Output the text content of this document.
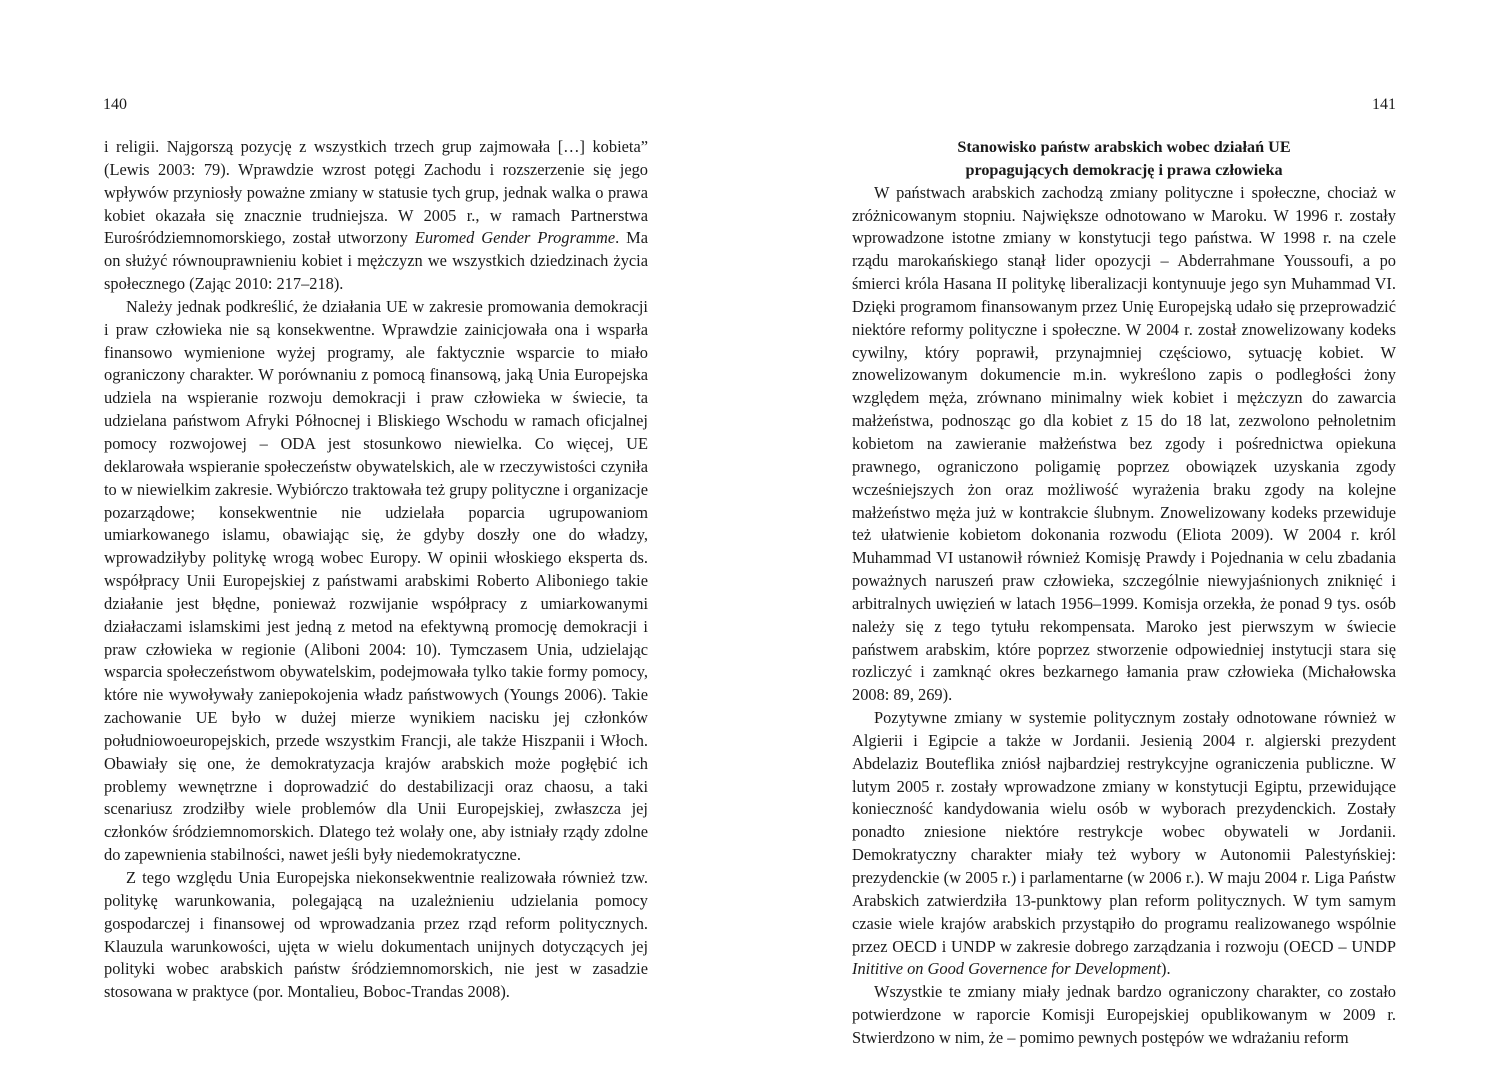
140

i religii. Najgorszą pozycję z wszystkich trzech grup zajmowała […] kobieta” (Lewis 2003: 79). Wprawdzie wzrost potęgi Zachodu i rozszerzenie się jego wpływów przyniosły poważne zmiany w statusie tych grup, jednak walka o prawa kobiet okazała się znacznie trudniejsza. W 2005 r., w ramach Partnerstwa Eurośródziemnomorskiego, został utworzony Euromed Gender Programme. Ma on służyć równouprawnieniu kobiet i mężczyzn we wszystkich dziedzinach życia społecznego (Zając 2010: 217–218).

Należy jednak podkreślić, że działania UE w zakresie promowania demokracji i praw człowieka nie są konsekwentne. Wprawdzie zainicjowała ona i wsparła finansowo wymienione wyżej programy, ale faktycznie wsparcie to miało ograniczony charakter. W porównaniu z pomocą finansową, jaką Unia Europejska udziela na wspieranie rozwoju demokracji i praw człowieka w świecie, ta udzielana państwom Afryki Północnej i Bliskiego Wschodu w ramach oficjalnej pomocy rozwojowej – ODA jest stosunkowo niewielka. Co więcej, UE deklarowała wspieranie społeczeństw obywatelskich, ale w rzeczywistości czyniła to w niewielkim zakresie. Wybiórczo traktowała też grupy polityczne i organizacje pozarządowe; konsekwentnie nie udzielała poparcia ugrupowaniom umiarkowanego islamu, obawiając się, że gdyby doszły one do władzy, wprowadziłyby politykę wrogą wobec Europy. W opinii włoskiego eksperta ds. współpracy Unii Europejskiej z państwami arabskimi Roberto Aliboniego takie działanie jest błędne, ponieważ rozwijanie współpracy z umiarkowanymi działaczami islamskimi jest jedną z metod na efektywną promocję demokracji i praw człowieka w regionie (Aliboni 2004: 10). Tymczasem Unia, udzielając wsparcia społeczeństwom obywatelskim, podejmowała tylko takie formy pomocy, które nie wywoływały zaniepokojenia władz państwowych (Youngs 2006). Takie zachowanie UE było w dużej mierze wynikiem nacisku jej członków południowoeuropejskich, przede wszystkim Francji, ale także Hiszpanii i Włoch. Obawiały się one, że demokratyzacja krajów arabskich może pogłębić ich problemy wewnętrzne i doprowadzić do destabilizacji oraz chaosu, a taki scenariusz zrodziłby wiele problemów dla Unii Europejskiej, zwłaszcza jej członków śródziemnomorskich. Dlatego też wolały one, aby istniały rządy zdolne do zapewnienia stabilności, nawet jeśli były niedemokratyczne.

Z tego względu Unia Europejska niekonsekwentnie realizowała również tzw. politykę warunkowania, polegającą na uzależnieniu udzielania pomocy gospodarczej i finansowej od wprowadzania przez rząd reform politycznych. Klauzula warunkowości, ujęta w wielu dokumentach unijnych dotyczących jej polityki wobec arabskich państw śródziemnomorskich, nie jest w zasadzie stosowana w praktyce (por. Montalieu, Boboc-Trandas 2008).

141
Stanowisko państw arabskich wobec działań UE
propagujących demokrację i prawa człowieka

W państwach arabskich zachodzą zmiany polityczne i społeczne, chociaż w zróżnicowanym stopniu. Największe odnotowano w Maroku. W 1996 r. zostały wprowadzone istotne zmiany w konstytucji tego państwa. W 1998 r. na czele rządu marokańskiego stanął lider opozycji – Abderrahmane Youssoufi, a po śmierci króla Hasana II politykę liberalizacji kontynuuje jego syn Muhammad VI. Dzięki programom finansowanym przez Unię Europejską udało się przeprowadzić niektóre reformy polityczne i społeczne. W 2004 r. został znowelizowany kodeks cywilny, który poprawił, przynajmniej częściowo, sytuację kobiet. W znowelizowanym dokumencie m.in. wykreślono zapis o podległości żony względem męża, zrównano minimalny wiek kobiet i mężczyzn do zawarcia małżeństwa, podnosząc go dla kobiet z 15 do 18 lat, zezwolono pełnoletnim kobietom na zawieranie małżeństwa bez zgody i pośrednictwa opiekuna prawnego, ograniczono poligamię poprzez obowiązek uzyskania zgody wcześniejszych żon oraz możliwość wyrażenia braku zgody na kolejne małżeństwo męża już w kontrakcie ślubnym. Znowelizowany kodeks przewiduje też ułatwienie kobietom dokonania rozwodu (Eliota 2009). W 2004 r. król Muhammad VI ustanowił również Komisję Prawdy i Pojednania w celu zbadania poważnych naruszeń praw człowieka, szczególnie niewyjaśnionych zniknięć i arbitralnych uwięzień w latach 1956–1999. Komisja orzekła, że ponad 9 tys. osób należy się z tego tytułu rekompensata. Maroko jest pierwszym w świecie państwem arabskim, które poprzez stworzenie odpowiedniej instytucji stara się rozliczyć i zamknąć okres bezkarnego łamania praw człowieka (Michałowska 2008: 89, 269).

Pozytywne zmiany w systemie politycznym zostały odnotowane również w Algierii i Egipcie a także w Jordanii. Jesienią 2004 r. algierski prezydent Abdelaziz Bouteflika zniósł najbardziej restrykcyjne ograniczenia publiczne. W lutym 2005 r. zostały wprowadzone zmiany w konstytucji Egiptu, przewidujące konieczność kandydowania wielu osób w wyborach prezydenckich. Zostały ponadto zniesione niektóre restrykcje wobec obywateli w Jordanii. Demokratyczny charakter miały też wybory w Autonomii Palestyńskiej: prezydenckie (w 2005 r.) i parlamentarne (w 2006 r.). W maju 2004 r. Liga Państw Arabskich zatwierdziła 13-punktowy plan reform politycznych. W tym samym czasie wiele krajów arabskich przystąpiło do programu realizowanego wspólnie przez OECD i UNDP w zakresie dobrego zarządzania i rozwoju (OECD – UNDP Inititive on Good Governence for Development).

Wszystkie te zmiany miały jednak bardzo ograniczony charakter, co zostało potwierdzone w raporcie Komisji Europejskiej opublikowanym w 2009 r. Stwierdzono w nim, że – pomimo pewnych postępów we wdrażaniu reform
